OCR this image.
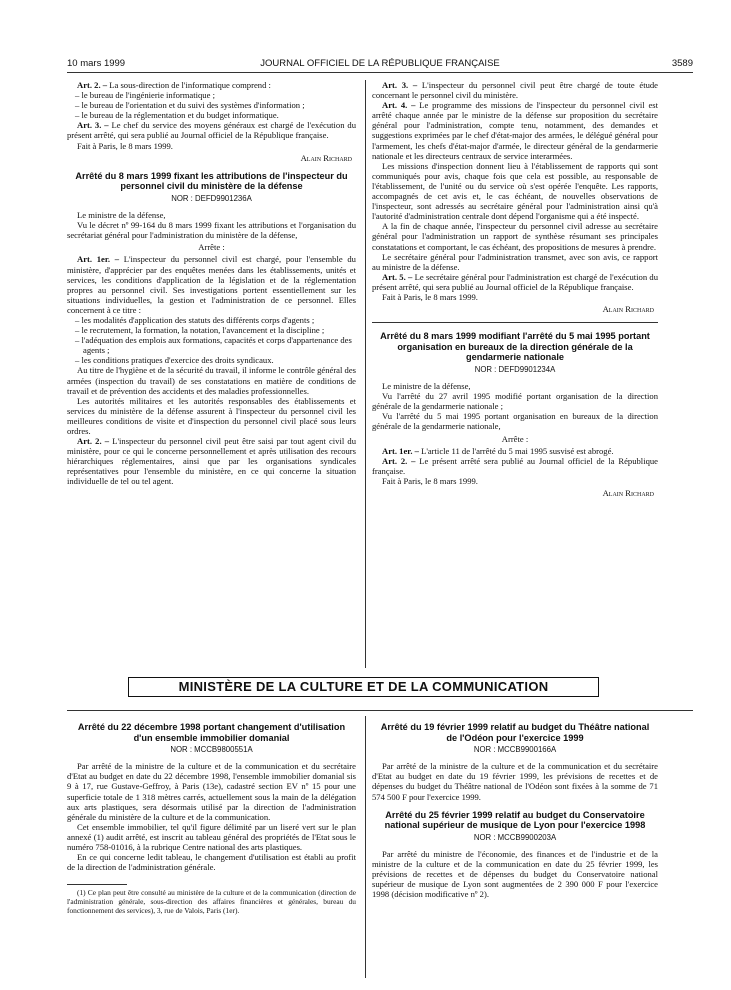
10 mars 1999	JOURNAL OFFICIEL DE LA RÉPUBLIQUE FRANÇAISE	3589

Art. 2. – La sous-direction de l'informatique comprend :

– le bureau de l'ingénierie informatique ;

– le bureau de l'orientation et du suivi des systèmes d'information ;

– le bureau de la réglementation et du budget informatique.

Art. 3. – Le chef du service des moyens généraux est chargé de l'exécution du présent arrêté, qui sera publié au Journal officiel de la République française.

Fait à Paris, le 8 mars 1999.

Alain Richard

Arrêté du 8 mars 1999 fixant les attributions de l'inspecteur du personnel civil du ministère de la défense

NOR : DEFD9901236A

Le ministre de la défense,

Vu le décret nº 99-164 du 8 mars 1999 fixant les attributions et l'organisation du secrétariat général pour l'administration du ministère de la défense,

Arrête :

Art. 1er. – L'inspecteur du personnel civil est chargé, pour l'ensemble du ministère, d'apprécier par des enquêtes menées dans les établissements, unités et services, les conditions d'application de la législation et de la réglementation propres au personnel civil. Ses investigations portent essentiellement sur les situations individuelles, la gestion et l'administration de ce personnel. Elles concernent à ce titre :

– les modalités d'application des statuts des différents corps d'agents ;

– le recrutement, la formation, la notation, l'avancement et la discipline ;

– l'adéquation des emplois aux formations, capacités et corps d'appartenance des agents ;

– les conditions pratiques d'exercice des droits syndicaux.

Au titre de l'hygiène et de la sécurité du travail, il informe le contrôle général des armées (inspection du travail) de ses constatations en matière de conditions de travail et de prévention des accidents et des maladies professionnelles.

Les autorités militaires et les autorités responsables des établissements et services du ministère de la défense assurent à l'inspecteur du personnel civil les meilleures conditions de visite et d'inspection du personnel civil placé sous leurs ordres.

Art. 2. – L'inspecteur du personnel civil peut être saisi par tout agent civil du ministère, pour ce qui le concerne personnellement et après utilisation des recours hiérarchiques réglementaires, ainsi que par les organisations syndicales représentatives pour l'ensemble du ministère, en ce qui concerne la situation individuelle de tel ou tel agent.

Art. 3. – L'inspecteur du personnel civil peut être chargé de toute étude concernant le personnel civil du ministère.

Art. 4. – Le programme des missions de l'inspecteur du personnel civil est arrêté chaque année par le ministre de la défense sur proposition du secrétaire général pour l'administration, compte tenu, notamment, des demandes et suggestions exprimées par le chef d'état-major des armées, le délégué général pour l'armement, les chefs d'état-major d'armée, le directeur général de la gendarmerie nationale et les directeurs centraux de service interarmées.

Les missions d'inspection donnent lieu à l'établissement de rapports qui sont communiqués pour avis, chaque fois que cela est possible, au responsable de l'établissement, de l'unité ou du service où s'est opérée l'enquête. Les rapports, accompagnés de cet avis et, le cas échéant, de nouvelles observations de l'inspecteur, sont adressés au secrétaire général pour l'administration ainsi qu'à l'autorité d'administration centrale dont dépend l'organisme qui a été inspecté.

A la fin de chaque année, l'inspecteur du personnel civil adresse au secrétaire général pour l'administration un rapport de synthèse résumant ses principales constatations et comportant, le cas échéant, des propositions de mesures à prendre.

Le secrétaire général pour l'administration transmet, avec son avis, ce rapport au ministre de la défense.

Art. 5. – Le secrétaire général pour l'administration est chargé de l'exécution du présent arrêté, qui sera publié au Journal officiel de la République française.

Fait à Paris, le 8 mars 1999.

Alain Richard

Arrêté du 8 mars 1999 modifiant l'arrêté du 5 mai 1995 portant organisation en bureaux de la direction générale de la gendarmerie nationale

NOR : DEFD9901234A

Le ministre de la défense,

Vu l'arrêté du 27 avril 1995 modifié portant organisation de la direction générale de la gendarmerie nationale ;

Vu l'arrêté du 5 mai 1995 portant organisation en bureaux de la direction générale de la gendarmerie nationale,

Arrête :

Art. 1er. – L'article 11 de l'arrêté du 5 mai 1995 susvisé est abrogé.

Art. 2. – Le présent arrêté sera publié au Journal officiel de la République française.

Fait à Paris, le 8 mars 1999.

Alain Richard

MINISTÈRE DE LA CULTURE ET DE LA COMMUNICATION

Arrêté du 22 décembre 1998 portant changement d'utilisation d'un ensemble immobilier domanial

NOR : MCCB9800551A

Par arrêté de la ministre de la culture et de la communication et du secrétaire d'Etat au budget en date du 22 décembre 1998, l'ensemble immobilier domanial sis 9 à 17, rue Gustave-Geffroy, à Paris (13e), cadastré section EV nº 15 pour une superficie totale de 1 318 mètres carrés, actuellement sous la main de la délégation aux arts plastiques, sera désormais utilisé par la direction de l'administration générale du ministère de la culture et de la communication.

Cet ensemble immobilier, tel qu'il figure délimité par un liseré vert sur le plan annexé (1) audit arrêté, est inscrit au tableau général des propriétés de l'Etat sous le numéro 758-01016, à la rubrique Centre national des arts plastiques.

En ce qui concerne ledit tableau, le changement d'utilisation est établi au profit de la direction de l'administration générale.

(1) Ce plan peut être consulté au ministère de la culture et de la communication (direction de l'administration générale, sous-direction des affaires financières et générales, bureau du fonctionnement des services), 3, rue de Valois, Paris (1er).

Arrêté du 19 février 1999 relatif au budget du Théâtre national de l'Odéon pour l'exercice 1999

NOR : MCCB9900166A

Par arrêté de la ministre de la culture et de la communication et du secrétaire d'Etat au budget en date du 19 février 1999, les prévisions de recettes et de dépenses du budget du Théâtre national de l'Odéon sont fixées à la somme de 71 574 500 F pour l'exercice 1999.

Arrêté du 25 février 1999 relatif au budget du Conservatoire national supérieur de musique de Lyon pour l'exercice 1998

NOR : MCCB9900203A

Par arrêté du ministre de l'économie, des finances et de l'industrie et de la ministre de la culture et de la communication en date du 25 février 1999, les prévisions de recettes et de dépenses du budget du Conservatoire national supérieur de musique de Lyon sont augmentées de 2 390 000 F pour l'exercice 1998 (décision modificative nº 2).
